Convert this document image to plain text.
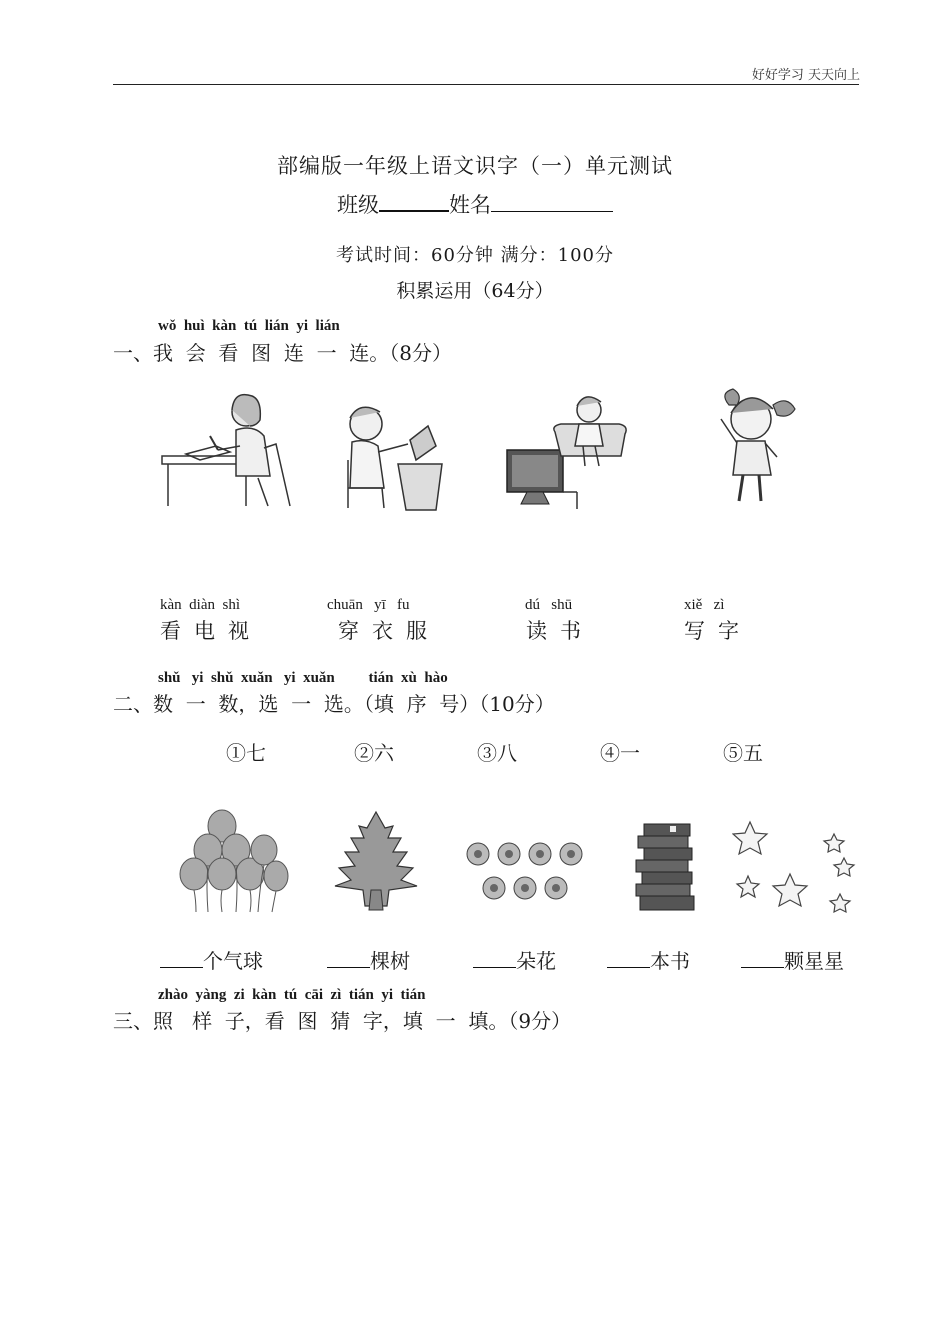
好好学习 天天向上
部编版一年级上语文识字（一）单元测试
班级	姓名
考试时间：60分钟 满分：100分
积累运用（64分）
wǒ  huì  kàn  tú  lián  yi  lián
一、我  会  看  图  连  一  连。（8分）
kàn  diàn  shì
看电视
chuān   yī   fu
穿衣服
dú   shū
读书
xiě   zì
写字
shǔ   yi  shǔ  xuǎn   yi  xuǎn         tián  xù  hào
二、数  一  数，选  一  选。（填  序  号）（10分）
①七	②六	③八	④一	⑤五
个气球	棵树	朵花	本书	颗星星
zhào  yàng  zi  kàn  tú  cāi  zì  tián  yi  tián
三、照   样  子，看  图  猜  字，填  一  填。（9分）
